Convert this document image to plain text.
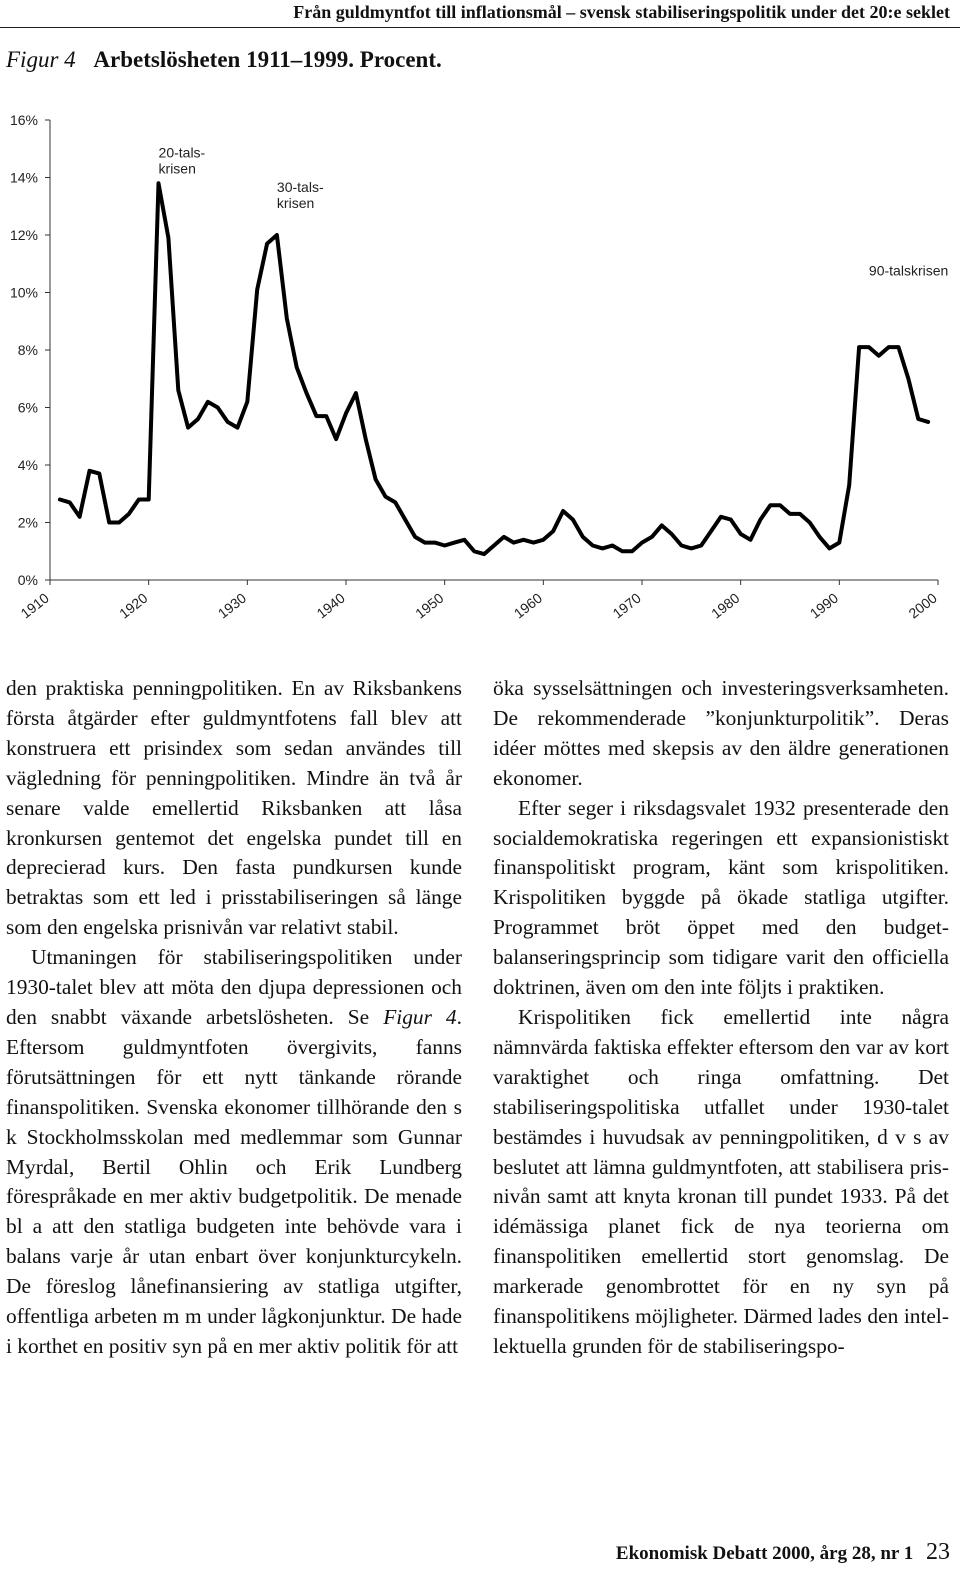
Från guldmyntfot till inflationsmål – svensk stabiliseringspolitik under det 20:e seklet
Figur 4 Arbetslösheten 1911–1999. Procent.
0%
2%
4%
6%
8%
10%
12%
14%
16%
1910	1920	1930	1940	1950	1960	1970	1980	1990	2000
20-tals-
krisen
30-tals-
krisen
90-talskrisen

den praktiska penningpolitiken. En av Riksbankens första åtgärder efter guldmyntfotens fall blev att konstruera ett prisindex som sedan användes till vägledning för penningpolitiken. Mindre än två år senare valde emellertid Riksbanken att låsa kronkursen gentemot det engelska pundet till en deprecierad kurs. Den fasta pundkursen kunde betraktas som ett led i prisstabiliseringen så länge som den engelska prisnivån var relativt stabil.

Utmaningen för stabiliseringspolitiken under 1930-talet blev att möta den djupa depressionen och den snabbt växande arbetslösheten. Se Figur 4. Eftersom guldmyntfoten övergivits, fanns förutsättningen för ett nytt tänkande rörande finanspolitiken. Svenska ekonomer tillhörande den s k Stockholmsskolan med medlemmar som Gunnar Myrdal, Bertil Ohlin och Erik Lundberg förespråkade en mer aktiv budgetpolitik. De menade bl a att den statliga budgeten inte behövde vara i balans varje år utan enbart över konjunkturcykeln. De föreslog lånefinansiering av statliga utgifter, offentliga arbeten m m under lågkonjunktur. De hade i korthet en positiv syn på en mer aktiv politik för att

öka sysselsättningen och investeringsverksamheten. De rekommenderade ”konjunkturpolitik”. Deras idéer möttes med skepsis av den äldre generationen ekonomer.

Efter seger i riksdagsvalet 1932 presenterade den socialdemokratiska regeringen ett expansionistiskt finanspolitiskt program, känt som krispolitiken. Krispolitiken byggde på ökade statliga utgifter. Programmet bröt öppet med den budgetbalanseringsprincip som tidigare varit den officiella doktrinen, även om den inte följts i praktiken.

Krispolitiken fick emellertid inte några nämnvärda faktiska effekter eftersom den var av kort varaktighet och ringa omfattning. Det stabiliseringspolitiska utfallet under 1930-talet bestämdes i huvudsak av penningpolitiken, d v s av beslutet att lämna guldmyntfoten, att stabilisera prisnivån samt att knyta kronan till pundet 1933. På det idémässiga planet fick de nya teorierna om finanspolitiken emellertid stort genomslag. De markerade genombrottet för en ny syn på finanspolitikens möjligheter. Därmed lades den intellektuella grunden för de stabiliseringspo-

Ekonomisk Debatt 2000, årg 28, nr 1 23
